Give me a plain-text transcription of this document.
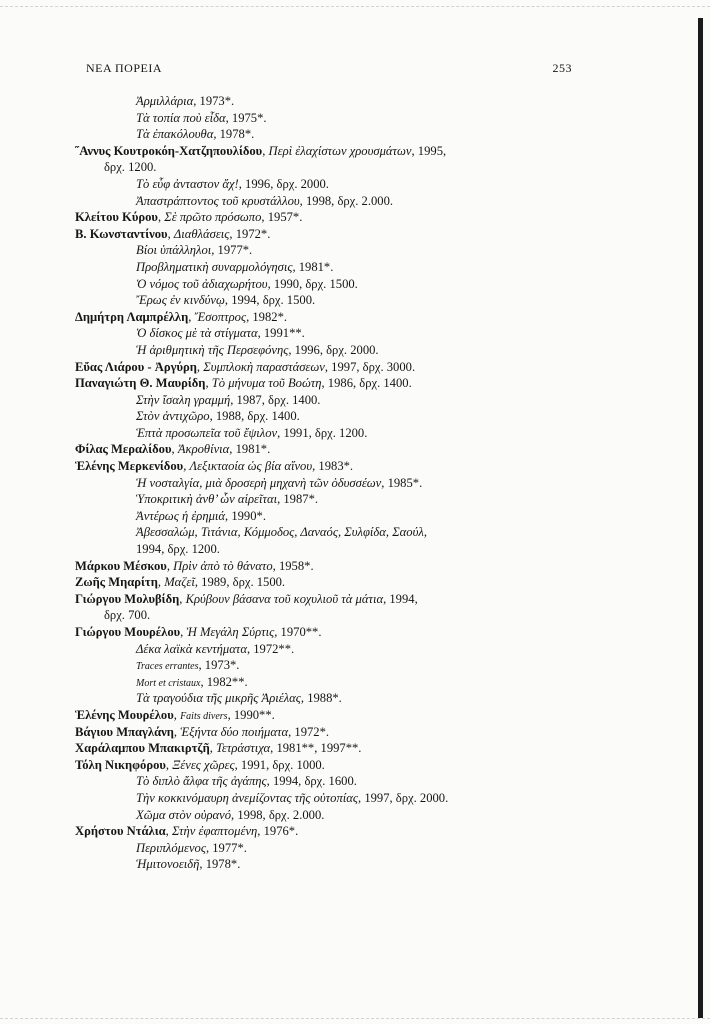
ΝΕΑ ΠΟΡΕΙΑ	253
Ἀρμιλλάρια, 1973*.
Τὰ τοπία ποὺ εἶδα, 1975*.
Τὰ ἐπακόλουθα, 1978*.
˝Αννυς Κουτροκόη-Χατζηπουλίδου, Περὶ ἐλαχίστων χρουσμάτων, 1995,
δρχ. 1200.
Τὸ εὖφ ἀνταστον ἄχ!, 1996, δρχ. 2000.
Ἀπαστράπτοντος τοῦ κρυστάλλου, 1998, δρχ. 2.000.
Κλείτου Κύρου, Σὲ πρῶτο πρόσωπο, 1957*.
Β. Κωνσταντίνου, Διαθλάσεις, 1972*.
Βίοι ὑπάλληλοι, 1977*.
Προβληματικὴ συναρμολόγησις, 1981*.
Ὁ νόμος τοῦ ἀδιαχωρήτου, 1990, δρχ. 1500.
Ἔρως ἐν κινδύνῳ, 1994, δρχ. 1500.
Δημήτρη Λαμπρέλλη, Ἔσοπτρος, 1982*.
Ὁ δίσκος μὲ τὰ στίγματα, 1991**.
Ἡ ἀριθμητικὴ τῆς Περσεφόνης, 1996, δρχ. 2000.
Εὔας Λιάρου - Ἀργύρη, Συμπλοκὴ παραστάσεων, 1997, δρχ. 3000.
Παναγιώτη Θ. Μαυρίδη, Τὸ μήνυμα τοῦ Βοώτη, 1986, δρχ. 1400.
Στὴν ἴσαλη γραμμή, 1987, δρχ. 1400.
Στὸν ἀντιχῶρο, 1988, δρχ. 1400.
Ἑπτὰ προσωπεῖα τοῦ ἔψιλον, 1991, δρχ. 1200.
Φίλας Μεραλίδου, Ἀκροθίνια, 1981*.
Ἑλένης Μερκενίδου, Λεξικταοία ὡς βία αἴνου, 1983*.
Ἡ νοσταλγία, μιὰ δροσερὴ μηχανὴ τῶν ὀδυσσέων, 1985*.
Ὑποκριτικὴ ἀνθ’ ὧν αἱρεῖται, 1987*.
Ἀντέρως ἡ ἐρημιά, 1990*.
Ἀβεσσαλώμ, Τιτάνια, Κόμμοδος, Δαναός, Συλφίδα, Σαούλ,
1994, δρχ. 1200.
Μάρκου Μέσκου, Πρὶν ἀπὸ τὸ θάνατο, 1958*.
Ζωῆς Μηαρίτη, Μαζεῖ, 1989, δρχ. 1500.
Γιώργου Μολυβίδη, Κρύβουν βάσανα τοῦ κοχυλιοῦ τὰ μάτια, 1994,
δρχ. 700.
Γιώργου Μουρέλου, Ἡ Μεγάλη Σύρτις, 1970**.
Δέκα λαϊκὰ κεντήματα, 1972**.
Traces errantes, 1973*.
Mort et cristaux, 1982**.
Τὰ τραγούδια τῆς μικρῆς Ἀριέλας, 1988*.
Ἑλένης Μουρέλου, Faits divers, 1990**.
Βάγιου Μπαγλάνη, Ἑξήντα δύο ποιήματα, 1972*.
Χαράλαμπου Μπακιρτζῆ, Τετράστιχα, 1981**, 1997**.
Τόλη Νικηφόρου, Ξένες χῶρες, 1991, δρχ. 1000.
Τὸ διπλὸ ἄλφα τῆς ἀγάπης, 1994, δρχ. 1600.
Τὴν κοκκινόμαυρη ἀνεμίζοντας τῆς οὐτοπίας, 1997, δρχ. 2000.
Χῶμα στὸν οὐρανό, 1998, δρχ. 2.000.
Χρήστου Ντάλια, Στὴν ἐφαπτομένη, 1976*.
Περιπλόμενος, 1977*.
Ἡμιτονοειδῆ, 1978*.
